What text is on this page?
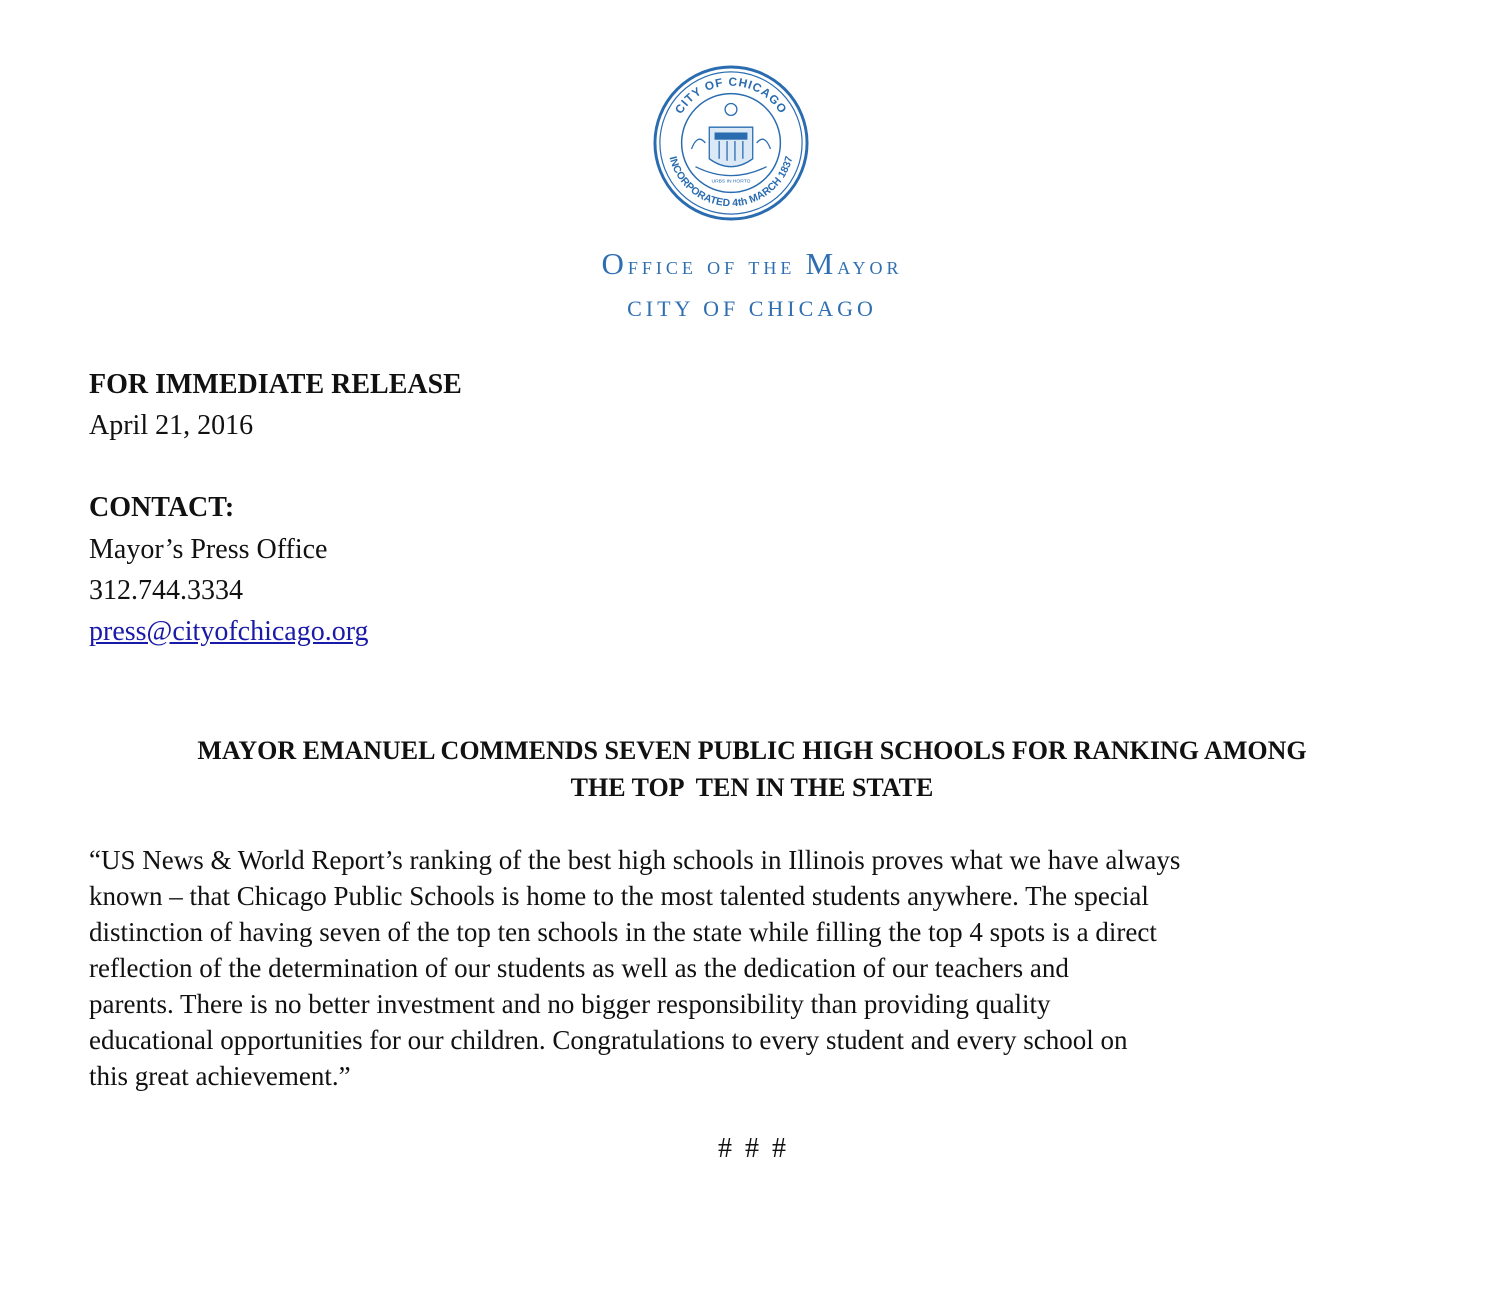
CITY OF CHICAGO
INCORPORATED 4th MARCH 1837
URBS IN HORTO
Office of the Mayor
CITY OF CHICAGO
FOR IMMEDIATE RELEASE
April 21, 2016
CONTACT:
Mayor’s Press Office
312.744.3334
press@cityofchicago.org
MAYOR EMANUEL COMMENDS SEVEN PUBLIC HIGH SCHOOLS FOR RANKING AMONG
THE TOP  TEN IN THE STATE
“US News & World Report’s ranking of the best high schools in Illinois proves what we have always
known – that Chicago Public Schools is home to the most talented students anywhere. The special
distinction of having seven of the top ten schools in the state while filling the top 4 spots is a direct
reflection of the determination of our students as well as the dedication of our teachers and
parents. There is no better investment and no bigger responsibility than providing quality
educational opportunities for our children. Congratulations to every student and every school on
this great achievement.”
# # #
